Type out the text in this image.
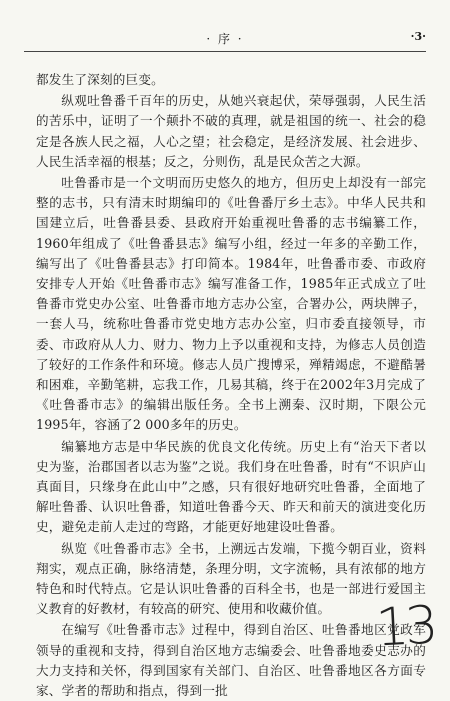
· 序 ·	·3·

都发生了深刻的巨变。

纵观吐鲁番千百年的历史，从她兴衰起伏，荣辱强弱，人民生活的苦乐中，证明了一个颠扑不破的真理，就是祖国的统一、社会的稳定是各族人民之福，人心之望；社会稳定，是经济发展、社会进步、人民生活幸福的根基；反之，分则伤，乱是民众苦之大源。

吐鲁番市是一个文明而历史悠久的地方，但历史上却没有一部完整的志书，只有清末时期编印的《吐鲁番厅乡土志》。中华人民共和国建立后，吐鲁番县委、县政府开始重视吐鲁番的志书编纂工作，1960年组成了《吐鲁番县志》编写小组，经过一年多的辛勤工作，编写出了《吐鲁番县志》打印简本。1984年，吐鲁番市委、市政府安排专人开始《吐鲁番市志》编写准备工作，1985年正式成立了吐鲁番市党史办公室、吐鲁番市地方志办公室，合署办公，两块牌子，一套人马，统称吐鲁番市党史地方志办公室，归市委直接领导，市委、市政府从人力、财力、物力上予以重视和支持，为修志人员创造了较好的工作条件和环境。修志人员广搜博采，殚精竭虑，不避酷暑和困难，辛勤笔耕，忘我工作，几易其稿，终于在2002年3月完成了《吐鲁番市志》的编辑出版任务。全书上溯秦、汉时期，下限公元1995年，容涵了2 000多年的历史。

编纂地方志是中华民族的优良文化传统。历史上有“治天下者以史为鉴，治郡国者以志为鉴”之说。我们身在吐鲁番，时有“不识庐山真面目，只缘身在此山中”之感，只有很好地研究吐鲁番，全面地了解吐鲁番、认识吐鲁番，知道吐鲁番今天、昨天和前天的演进变化历史，避免走前人走过的弯路，才能更好地建设吐鲁番。

纵览《吐鲁番市志》全书，上溯远古发端，下揽今朝百业，资料翔实，观点正确，脉络清楚，条理分明，文字流畅，具有浓郁的地方特色和时代特点。它是认识吐鲁番的百科全书，也是一部进行爱国主义教育的好教材，有较高的研究、使用和收藏价值。

在编写《吐鲁番市志》过程中，得到自治区、吐鲁番地区党政军领导的重视和支持，得到自治区地方志编委会、吐鲁番地委史志办的大力支持和关怀，得到国家有关部门、自治区、吐鲁番地区各方面专家、学者的帮助和指点，得到一批

13
